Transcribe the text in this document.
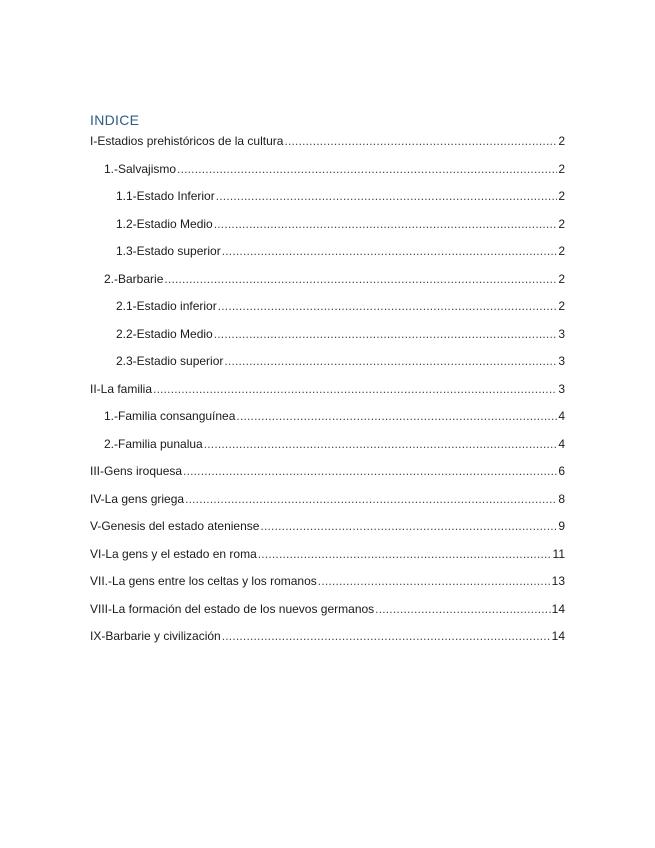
INDICE
I-Estadios prehistóricos de la cultura .....	2
1.-Salvajismo .....	2
1.1-Estado Inferior .....	2
1.2-Estadio Medio .....	2
1.3-Estado superior .....	2
2.-Barbarie .....	2
2.1-Estadio inferior .....	2
2.2-Estadio Medio .....	3
2.3-Estadio superior .....	3
II-La familia .....	3
1.-Familia consanguínea .....	4
2.-Familia punalua .....	4
III-Gens iroquesa .....	6
IV-La gens griega .....	8
V-Genesis del estado ateniense .....	9
VI-La gens y el estado en roma .....	11
VII.-La gens entre los celtas y los romanos .....	13
VIII-La formación del estado de los nuevos germanos .....	14
IX-Barbarie y civilización .....	14
